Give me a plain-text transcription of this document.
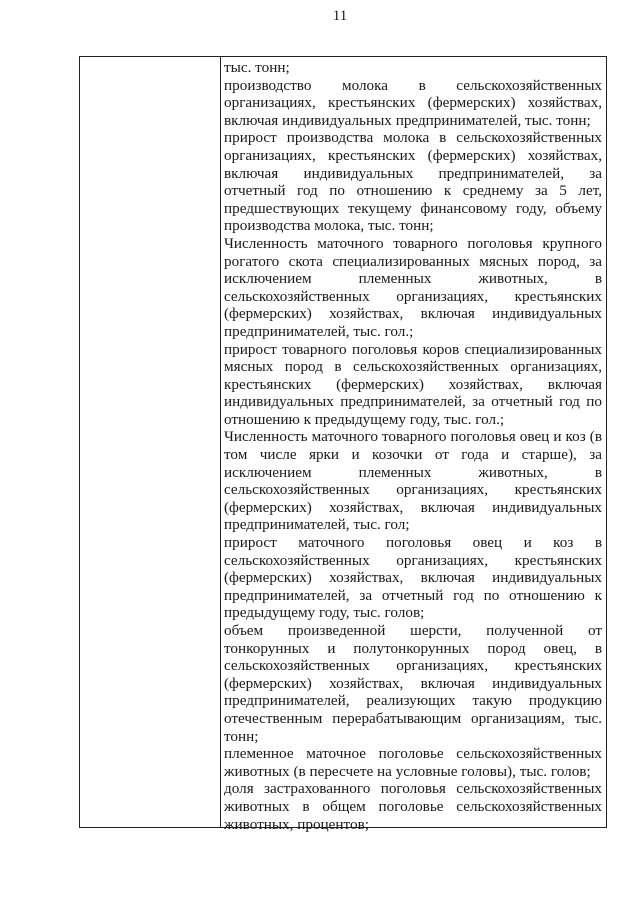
11

тыс. тонн;

производство молока в сельскохозяйственных организациях, крестьянских (фермерских) хозяйствах, включая индивидуальных предпринимателей, тыс. тонн;

прирост производства молока в сельскохозяйственных организациях, крестьянских (фермерских) хозяйствах, включая индивидуальных предпринимателей, за отчетный год по отношению к среднему за 5 лет, предшествующих текущему финансовому году, объему производства молока, тыс. тонн;

Численность маточного товарного поголовья крупного рогатого скота специализированных мясных пород, за исключением племенных животных, в сельскохозяйственных организациях, крестьянских (фермерских) хозяйствах, включая индивидуальных предпринимателей, тыс. гол.;

прирост товарного поголовья коров специализированных мясных пород в сельскохозяйственных организациях, крестьянских (фермерских) хозяйствах, включая индивидуальных предпринимателей, за отчетный год по отношению к предыдущему году, тыс. гол.;

Численность маточного товарного поголовья овец и коз (в том числе ярки и козочки от года и старше), за исключением племенных животных, в сельскохозяйственных организациях, крестьянских (фермерских) хозяйствах, включая индивидуальных предпринимателей, тыс. гол;

прирост маточного поголовья овец и коз в сельскохозяйственных организациях, крестьянских (фермерских) хозяйствах, включая индивидуальных предпринимателей, за отчетный год по отношению к предыдущему году, тыс. голов;

объем произведенной шерсти, полученной от тонкорунных и полутонкорунных пород овец, в сельскохозяйственных организациях, крестьянских (фермерских) хозяйствах, включая индивидуальных предпринимателей, реализующих такую продукцию отечественным перерабатывающим организациям, тыс. тонн;

племенное маточное поголовье сельскохозяйственных животных (в пересчете на условные головы), тыс. голов;

доля застрахованного поголовья сельскохозяйственных животных в общем поголовье сельскохозяйственных животных, процентов;
